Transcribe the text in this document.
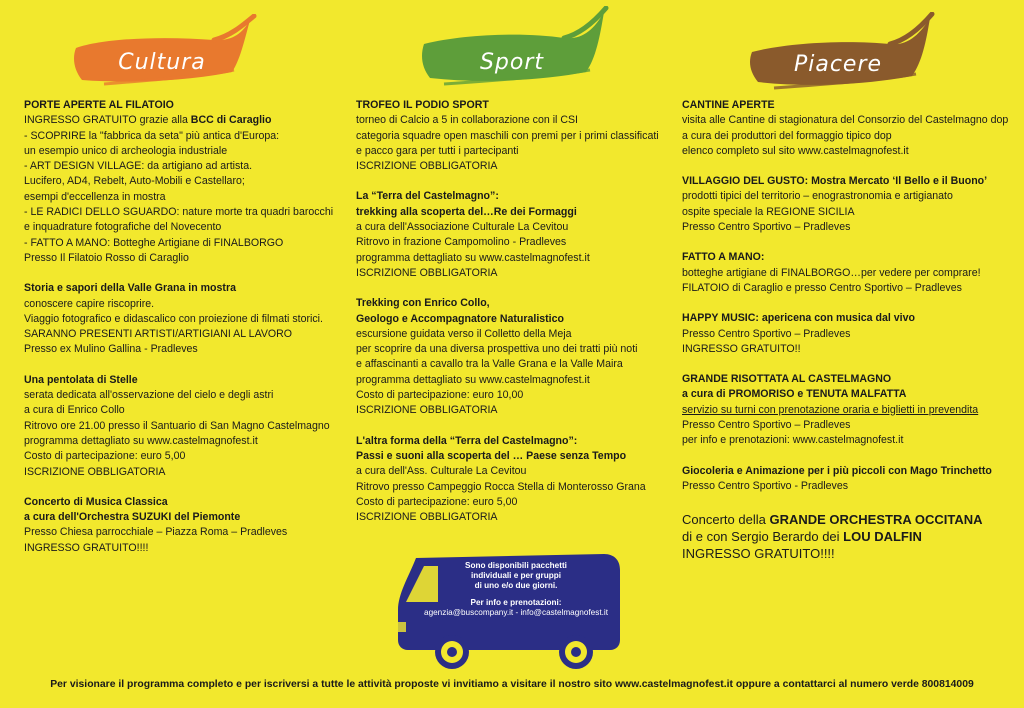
Cultura	Sport	Piacere

PORTE APERTE AL FILATOIO

INGRESSO GRATUITO grazie alla BCC di Caraglio

- SCOPRIRE la "fabbrica da seta" più antica d'Europa:

un esempio unico di archeologia industriale

- ART DESIGN VILLAGE: da artigiano ad artista.

Lucifero, AD4, Rebelt, Auto-Mobili e Castellaro;

esempi d'eccellenza in mostra

- LE RADICI DELLO SGUARDO: nature morte tra quadri barocchi

e inquadrature fotografiche del Novecento

- FATTO A MANO: Botteghe Artigiane di FINALBORGO

Presso Il Filatoio Rosso di Caraglio

Storia e sapori della Valle Grana in mostra

conoscere capire riscoprire.

Viaggio fotografico e didascalico con proiezione di filmati storici.

SARANNO PRESENTI ARTISTI/ARTIGIANI AL LAVORO

Presso ex Mulino Gallina - Pradleves

Una pentolata di Stelle

serata dedicata all'osservazione del cielo e degli astri

a cura di Enrico Collo

Ritrovo ore 21.00 presso il Santuario di San Magno Castelmagno

programma dettagliato su www.castelmagnofest.it

Costo di partecipazione: euro 5,00

ISCRIZIONE OBBLIGATORIA

Concerto di Musica Classica

a cura dell'Orchestra SUZUKI del Piemonte

Presso Chiesa parrocchiale – Piazza Roma – Pradleves

INGRESSO GRATUITO!!!!

TROFEO IL PODIO SPORT

torneo di Calcio a 5 in collaborazione con il CSI

categoria squadre open maschili con premi per i primi classificati

e pacco gara per tutti i partecipanti

ISCRIZIONE OBBLIGATORIA

La “Terra del Castelmagno”:

trekking alla scoperta del…Re dei Formaggi

a cura dell'Associazione Culturale La Cevitou

Ritrovo in frazione Campomolino - Pradleves

programma dettagliato su www.castelmagnofest.it

ISCRIZIONE OBBLIGATORIA

Trekking con Enrico Collo,

Geologo e Accompagnatore Naturalistico

escursione guidata verso il Colletto della Meja

per scoprire da una diversa prospettiva uno dei tratti più noti

e affascinanti a cavallo tra la Valle Grana e la Valle Maira

programma dettagliato su www.castelmagnofest.it

Costo di partecipazione: euro 10,00

ISCRIZIONE OBBLIGATORIA

L'altra forma della “Terra del Castelmagno”:

Passi e suoni alla scoperta del … Paese senza Tempo

a cura dell'Ass. Culturale La Cevitou

Ritrovo presso Campeggio Rocca Stella di Monterosso Grana

Costo di partecipazione: euro 5,00

ISCRIZIONE OBBLIGATORIA

CANTINE APERTE

visita alle Cantine di stagionatura del Consorzio del Castelmagno dop

a cura dei produttori del formaggio tipico dop

elenco completo sul sito www.castelmagnofest.it

VILLAGGIO DEL GUSTO: Mostra Mercato ‘Il Bello e il Buono’

prodotti tipici del territorio – enograstronomia e artigianato

ospite speciale la REGIONE SICILIA

Presso Centro Sportivo – Pradleves

FATTO A MANO:

botteghe artigiane di FINALBORGO…per vedere per comprare!

FILATOIO di Caraglio e presso Centro Sportivo – Pradleves

HAPPY MUSIC: apericena con musica dal vivo

Presso Centro Sportivo – Pradleves

INGRESSO GRATUITO!!

GRANDE RISOTTATA AL CASTELMAGNO

a cura di PROMORISO e TENUTA MALFATTA

servizio su turni con prenotazione oraria e biglietti in prevendita

Presso Centro Sportivo – Pradleves

per info e prenotazioni: www.castelmagnofest.it

Giocoleria e Animazione per i più piccoli con Mago Trinchetto

Presso Centro Sportivo - Pradleves

Concerto della GRANDE ORCHESTRA OCCITANA

di e con Sergio Berardo dei LOU DALFIN

INGRESSO GRATUITO!!!!

Sono disponibili pacchetti

individuali e per gruppi

di uno e/o due giorni.

Per info e prenotazioni:

agenzia@buscompany.it - info@castelmagnofest.it

Per visionare il programma completo e per iscriversi a tutte le attività proposte vi invitiamo a visitare il nostro sito www.castelmagnofest.it oppure a contattarci al numero verde 800814009
